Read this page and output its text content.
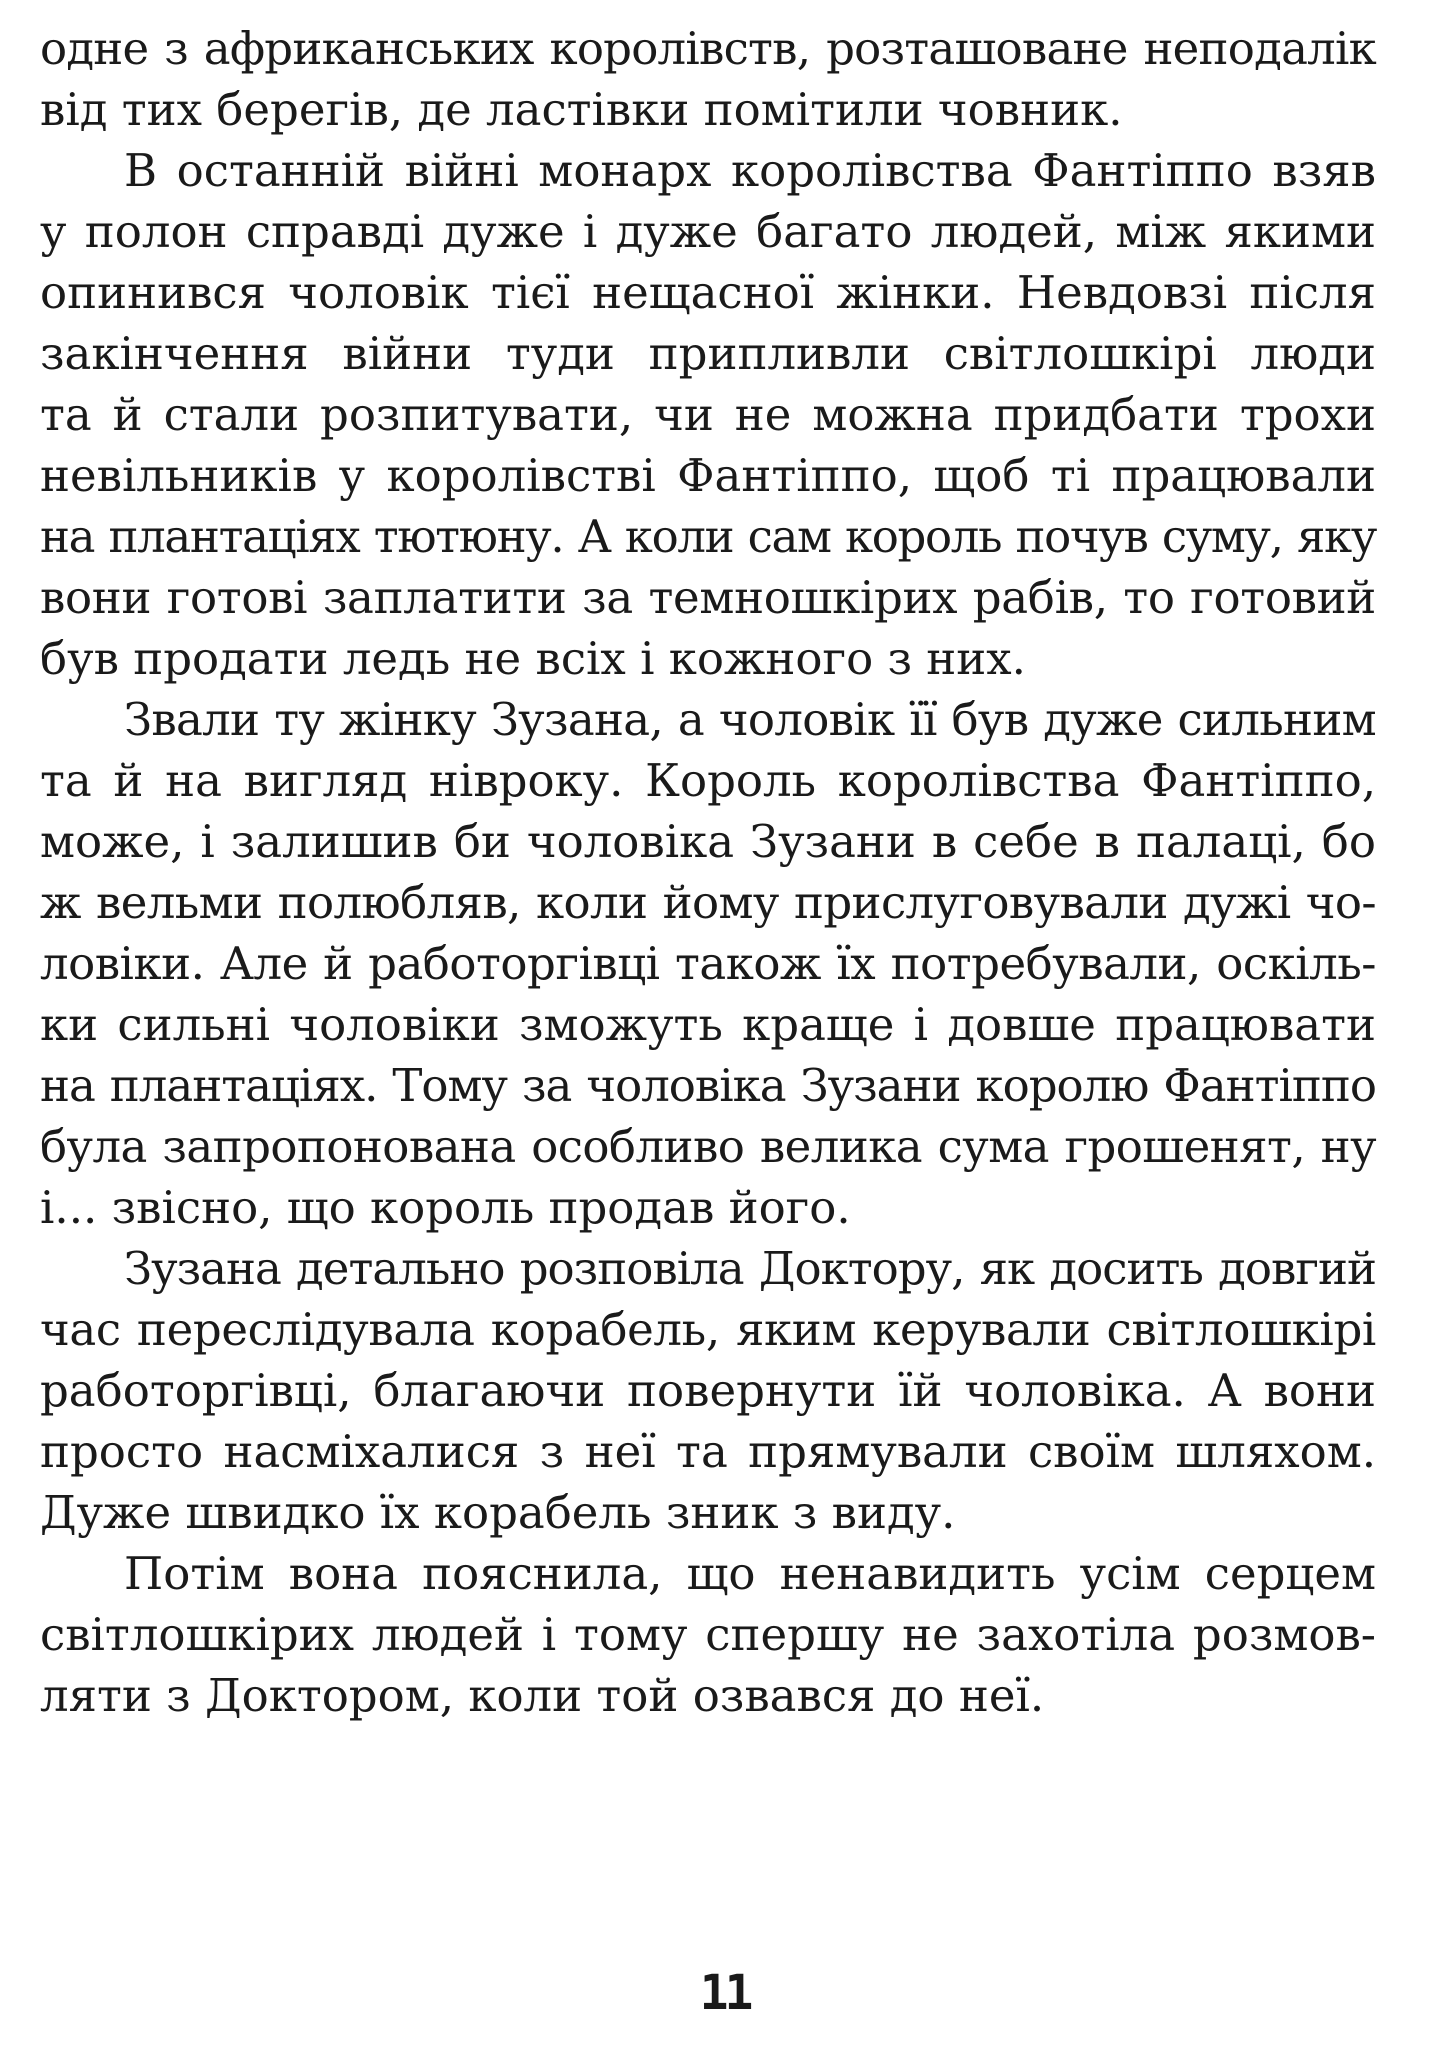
одне з африканських королівств, розташоване неподалік
від тих берегів, де ластівки помітили човник.
В останній війні монарх королівства Фантіппо взяв
у полон справді дуже і дуже багато людей, між якими
опинився чоловік тієї нещасної жінки. Невдовзі після
закінчення війни туди припливли світлошкірі люди
та й стали розпитувати, чи не можна придбати трохи
невільників у королівстві Фантіппо, щоб ті працювали
на плантаціях тютюну. А коли сам король почув суму, яку
вони готові заплатити за темношкірих рабів, то готовий
був продати ледь не всіх і кожного з них.
Звали ту жінку Зузана, а чоловік її був дуже сильним
та й на вигляд нівроку. Король королівства Фантіппо,
може, і залишив би чоловіка Зузани в себе в палаці, бо
ж вельми полюбляв, коли йому прислуговували дужі чо-
ловіки. Але й работоргівці також їх потребували, оскіль-
ки сильні чоловіки зможуть краще і довше працювати
на плантаціях. Тому за чоловіка Зузани королю Фантіппо
була запропонована особливо велика сума грошенят, ну
і... звісно, що король продав його.
Зузана детально розповіла Доктору, як досить довгий
час переслідувала корабель, яким керували світлошкірі
работоргівці, благаючи повернути їй чоловіка. А вони
просто насміхалися з неї та прямували своїм шляхом.
Дуже швидко їх корабель зник з виду.
Потім вона пояснила, що ненавидить усім серцем
світлошкірих людей і тому спершу не захотіла розмов-
ляти з Доктором, коли той озвався до неї.
11
